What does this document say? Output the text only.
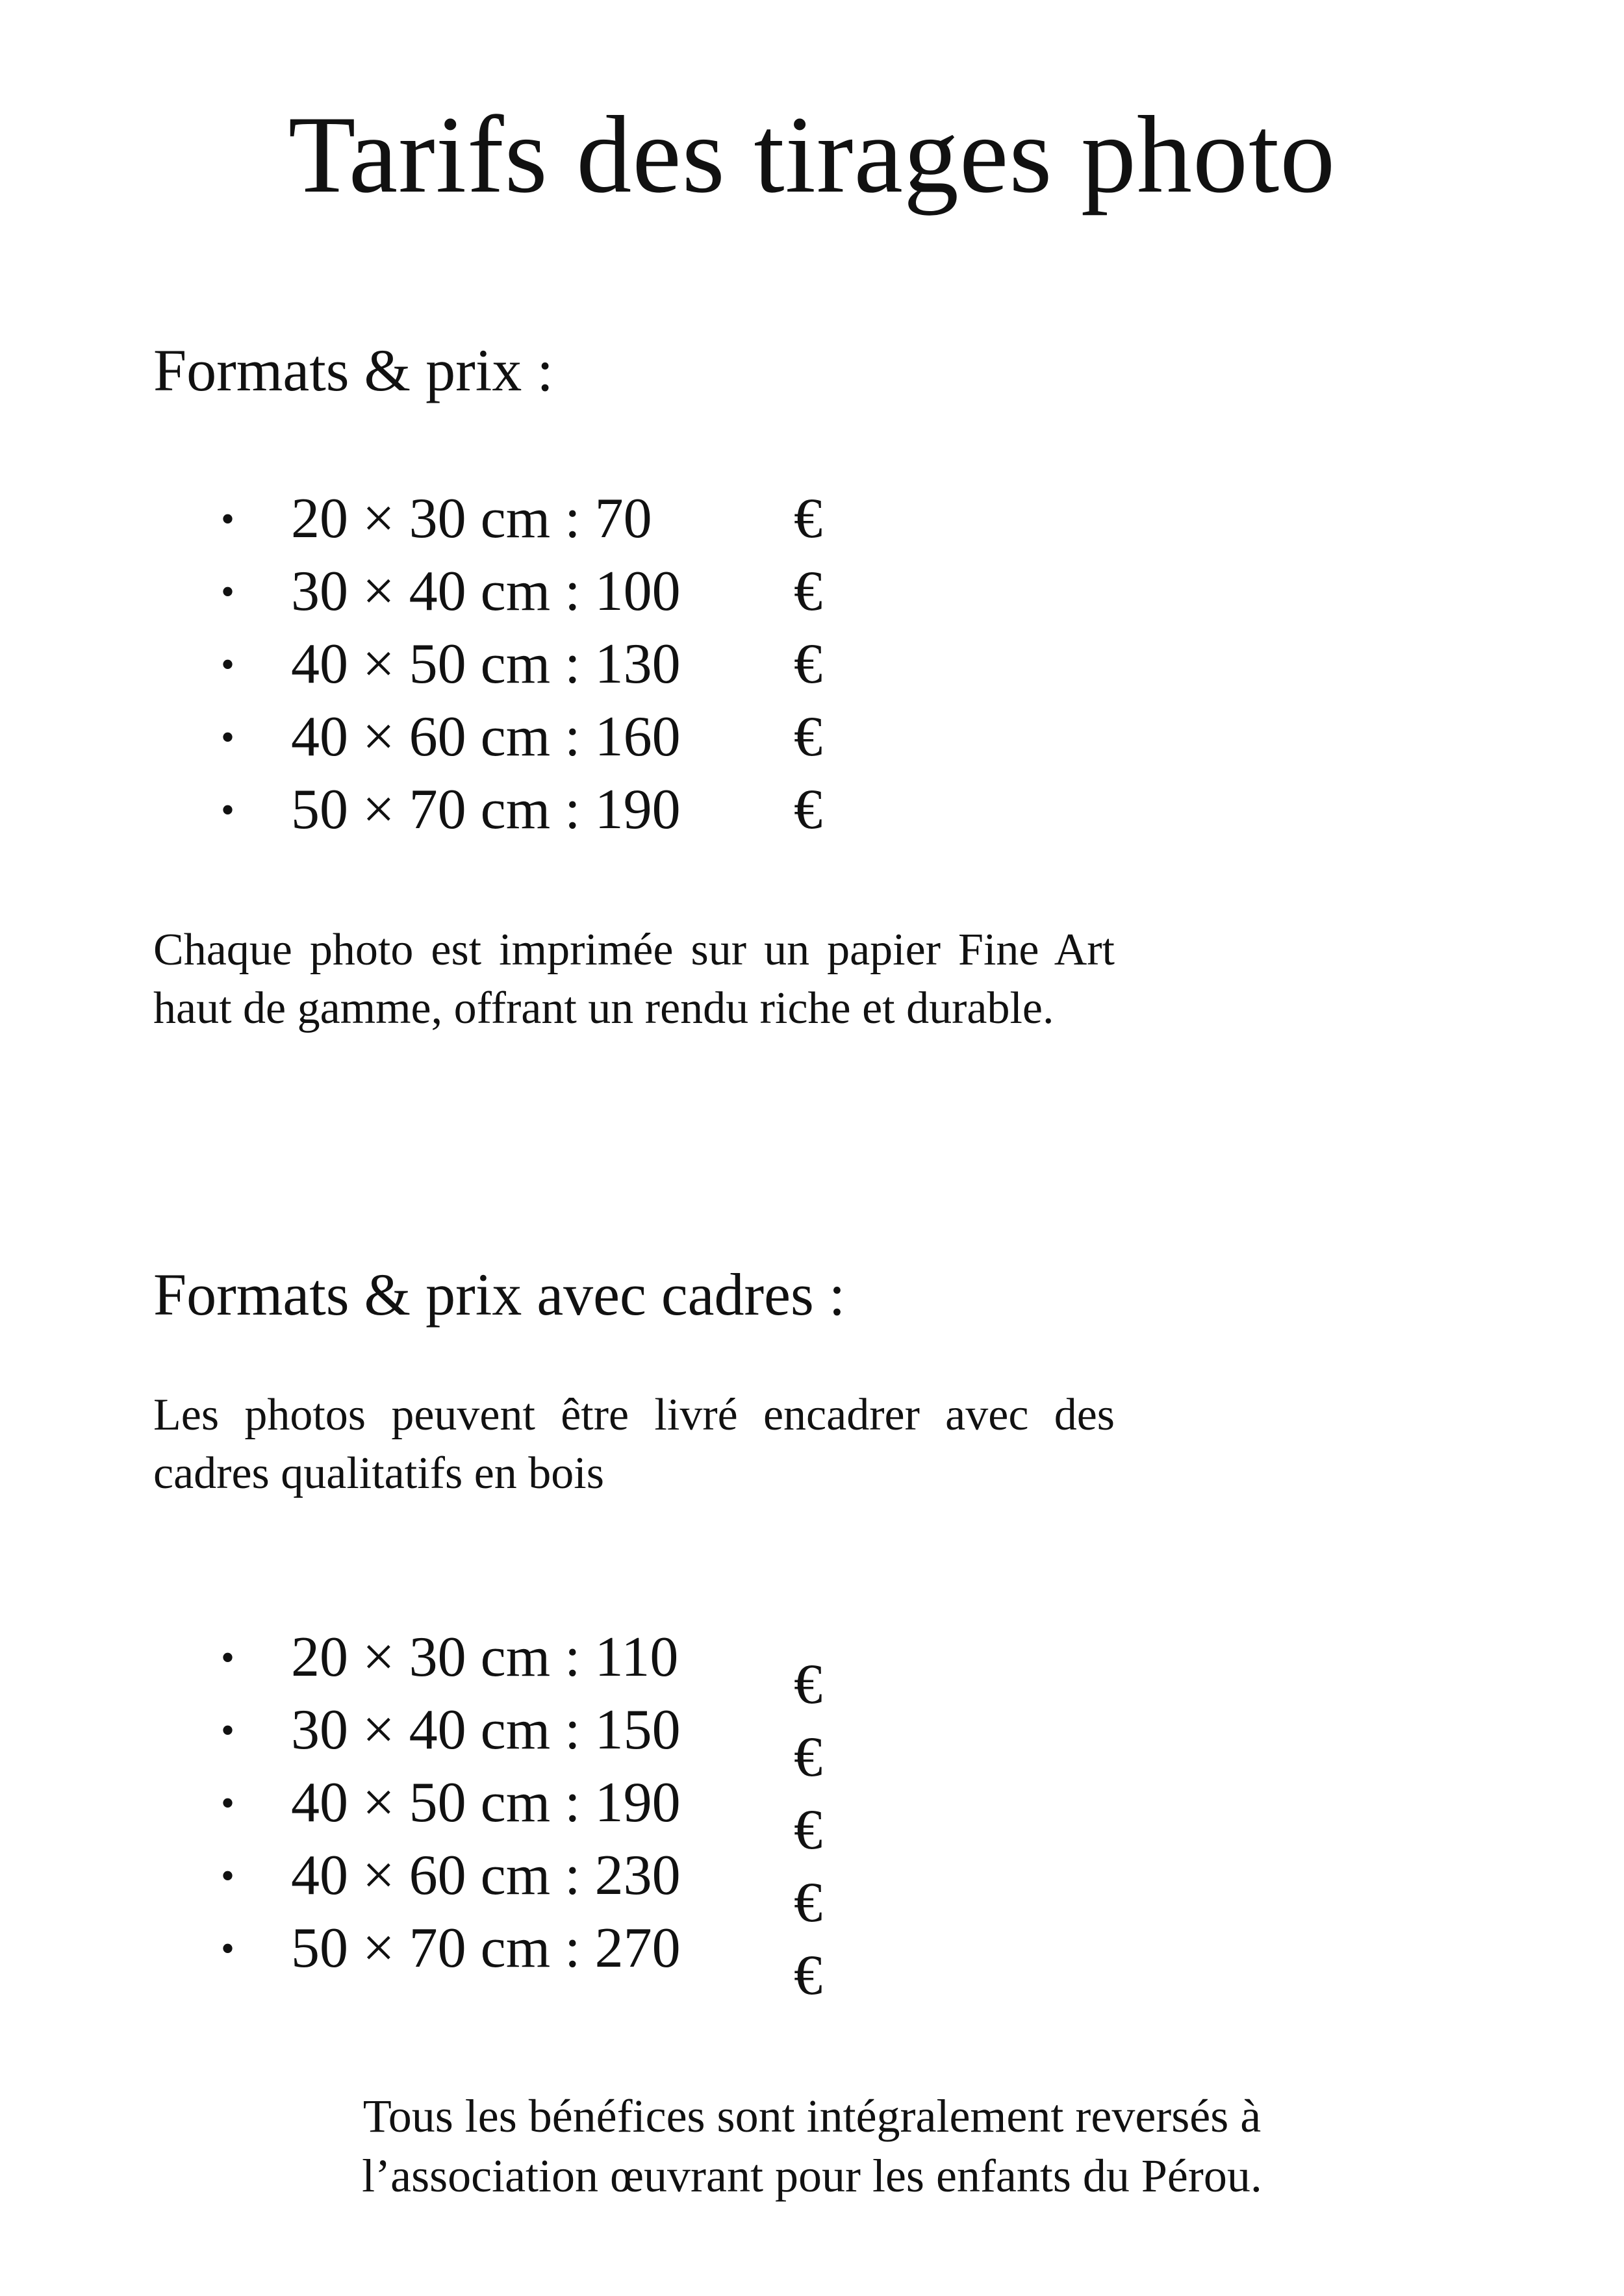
Tarifs des tirages photo
Formats & prix :
• 20 × 30 cm : 70 €
• 30 × 40 cm : 100 €
• 40 × 50 cm : 130 €
• 40 × 60 cm : 160 €
• 50 × 70 cm : 190 €

Chaque photo est imprimée sur un papier Fine Art haut de gamme, offrant un rendu riche et durable.

Formats & prix avec cadres :

Les photos peuvent être livré encadrer avec des cadres qualitatifs en bois

• 20 × 30 cm : 110 €
• 30 × 40 cm : 150 €
• 40 × 50 cm : 190 €
• 40 × 60 cm : 230 €
• 50 × 70 cm : 270 €

Tous les bénéfices sont intégralement reversés à l’association œuvrant pour les enfants du Pérou.
